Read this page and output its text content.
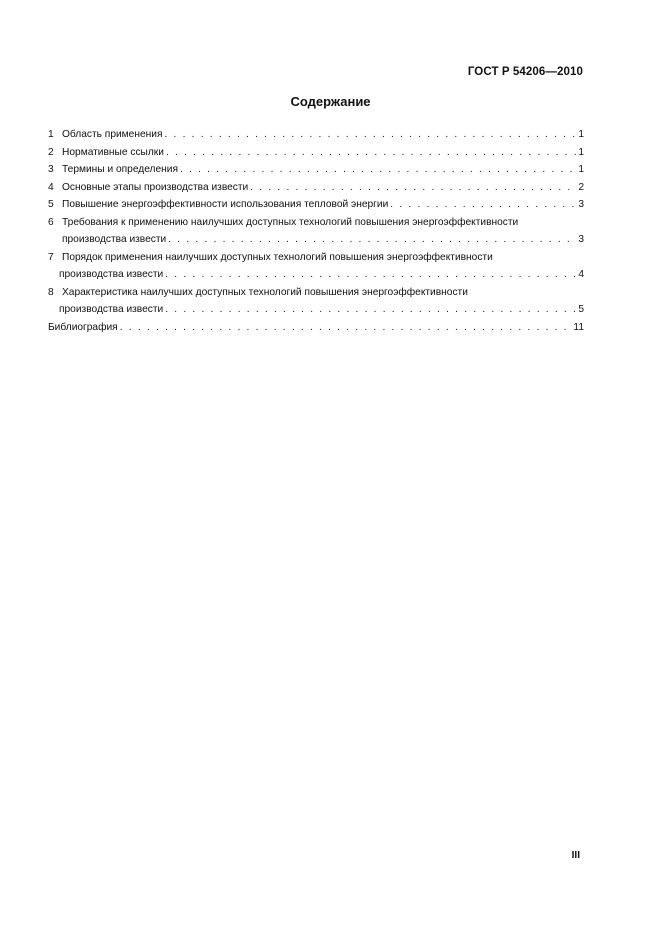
ГОСТ Р 54206—2010
Содержание
1 Область применения . . .	1
2 Нормативные ссылки . . .	1
3 Термины и определения . . .	1
4 Основные этапы производства извести . . .	2
5 Повышение энергоэффективности использования тепловой энергии . . .	3
6 Требования к применению наилучших доступных технологий повышения энергоэффективности
производства извести . . .	3
7 Порядок применения наилучших доступных технологий повышения энергоэффективности
производства извести . . .	4
8 Характеристика наилучших доступных технологий повышения энергоэффективности
производства извести . . .	5
Библиография . . .	11
III
